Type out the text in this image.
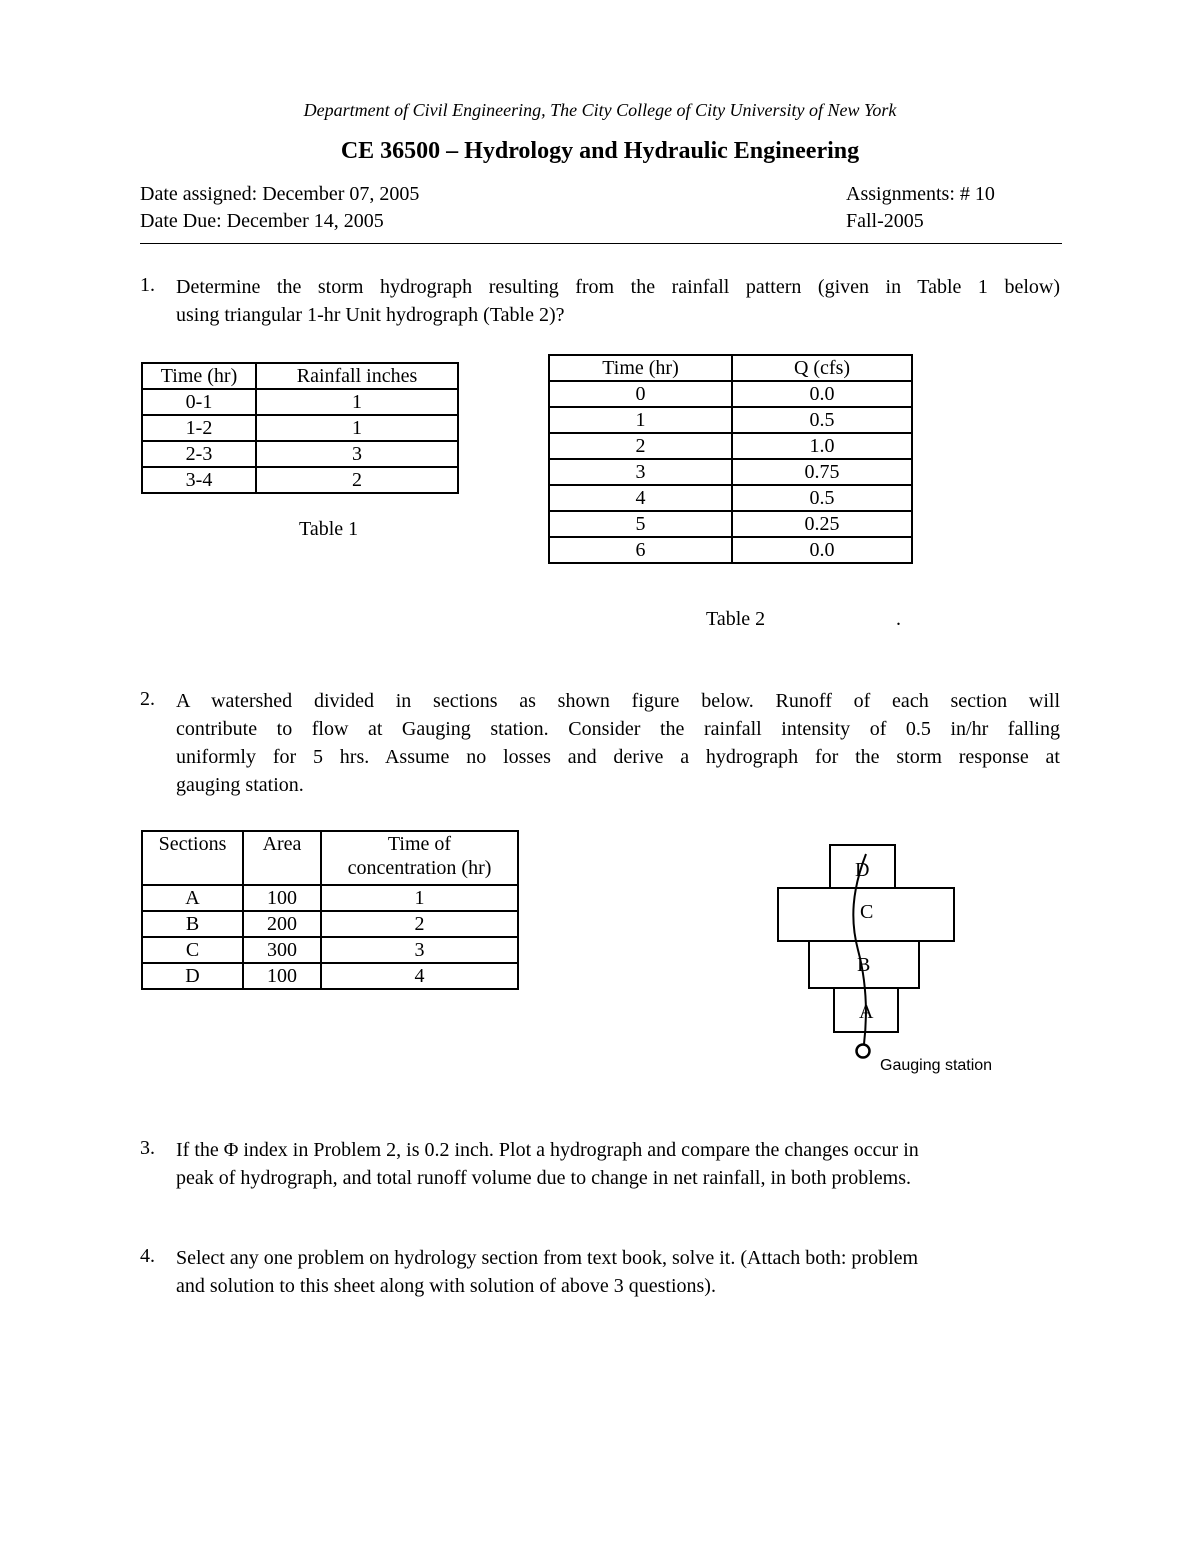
Department of Civil Engineering, The City College of City University of New York
CE 36500 – Hydrology and Hydraulic Engineering
Date assigned: December 07, 2005
Date Due: December 14, 2005
Assignments: # 10
Fall-2005
1. Determine the storm hydrograph resulting from the rainfall pattern (given in Table 1 below)
using triangular 1-hr Unit hydrograph (Table 2)?
Time (hr)	Rainfall inches
0-1	1
1-2	1
2-3	3
3-4	2
Table 1
Time (hr)	Q (cfs)
0	0.0
1	0.5
2	1.0
3	0.75
4	0.5
5	0.25
6	0.0
Table 2	.
2. A watershed divided in sections as shown figure below. Runoff of each section will
contribute to flow at Gauging station. Consider the rainfall intensity of 0.5 in/hr falling
uniformly for 5 hrs. Assume no losses and derive a hydrograph for the storm response at
gauging station.
Sections	Area	Time of
concentration (hr)

A	100	1
B	200	2
C	300	3
D	100	4
D
C
B
A
Gauging station
3. If the Φ index in Problem 2, is 0.2 inch. Plot a hydrograph and compare the changes occur in
peak of hydrograph, and total runoff volume due to change in net rainfall, in both problems.
4. Select any one problem on hydrology section from text book, solve it. (Attach both: problem
and solution to this sheet along with solution of above 3 questions).
